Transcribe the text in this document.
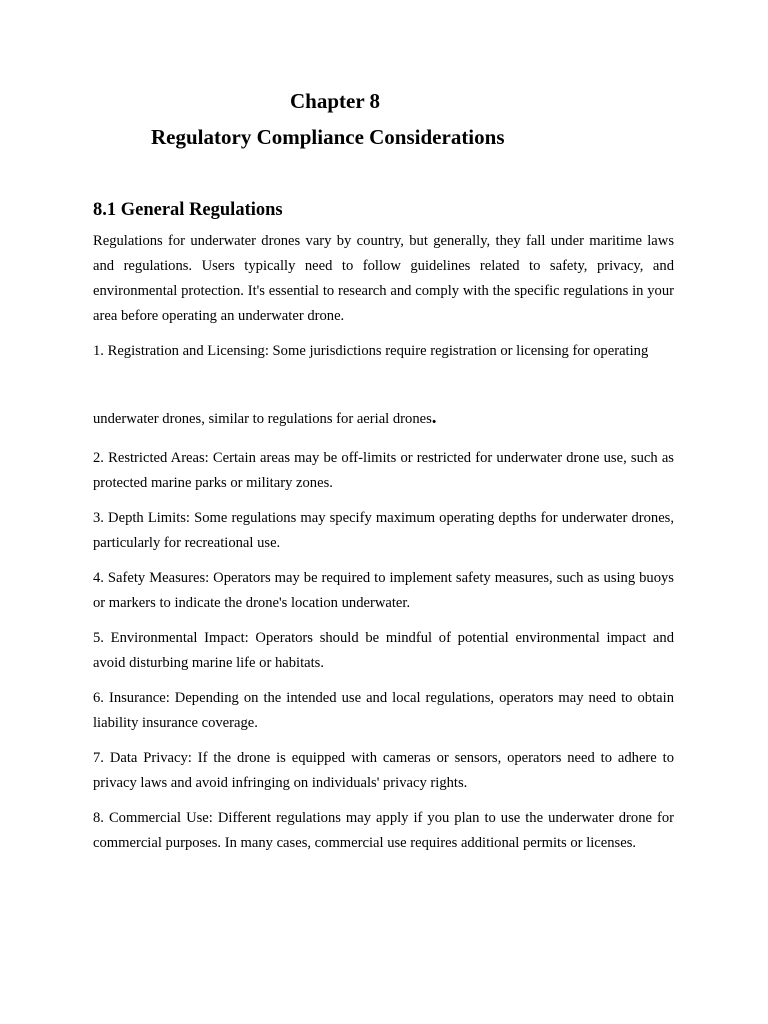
Chapter 8
Regulatory Compliance Considerations
8.1 General Regulations

Regulations for underwater drones vary by country, but generally, they fall under maritime laws and regulations. Users typically need to follow guidelines related to safety, privacy, and environmental protection. It's essential to research and comply with the specific regulations in your area before operating an underwater drone.

1. Registration and Licensing: Some jurisdictions require registration or licensing for operating

underwater drones, similar to regulations for aerial drones.

2. Restricted Areas: Certain areas may be off-limits or restricted for underwater drone use, such as protected marine parks or military zones.

3. Depth Limits: Some regulations may specify maximum operating depths for underwater drones, particularly for recreational use.

4. Safety Measures: Operators may be required to implement safety measures, such as using buoys or markers to indicate the drone's location underwater.

5. Environmental Impact: Operators should be mindful of potential environmental impact and avoid disturbing marine life or habitats.

6. Insurance: Depending on the intended use and local regulations, operators may need to obtain liability insurance coverage.

7. Data Privacy: If the drone is equipped with cameras or sensors, operators need to adhere to privacy laws and avoid infringing on individuals' privacy rights.

8. Commercial Use: Different regulations may apply if you plan to use the underwater drone for commercial purposes. In many cases, commercial use requires additional permits or licenses.
